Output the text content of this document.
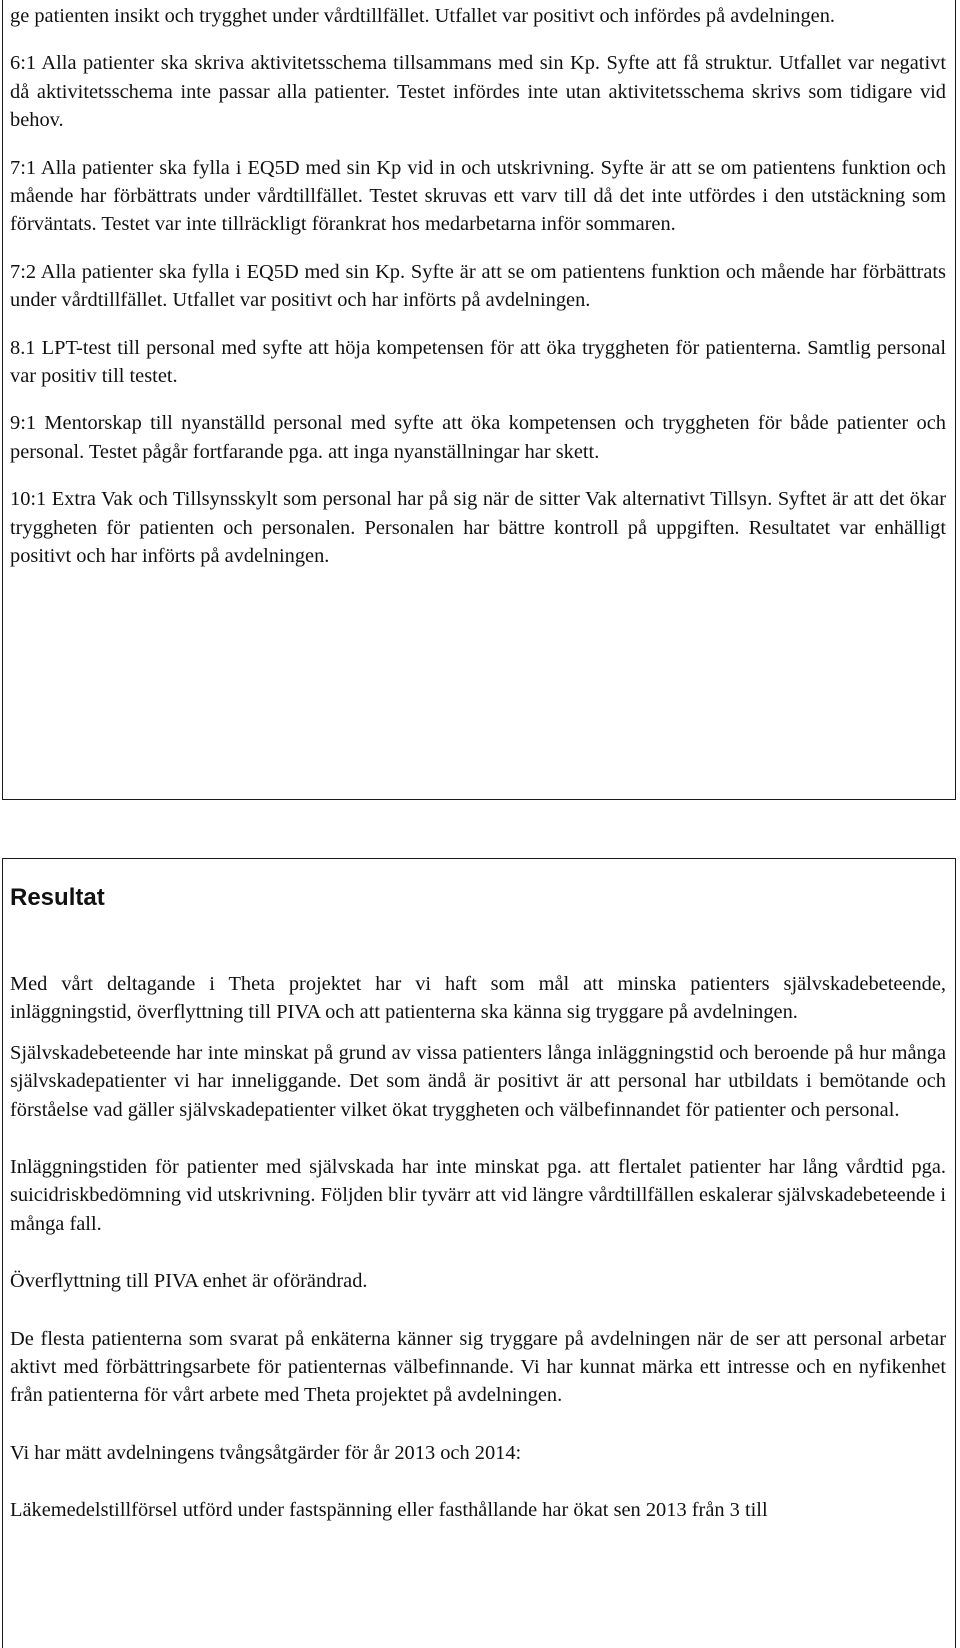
ge patienten insikt och trygghet under vårdtillfället. Utfallet var positivt och infördes på avdelningen.

6:1 Alla patienter ska skriva aktivitetsschema tillsammans med sin Kp. Syfte att få struktur. Utfallet var negativt då aktivitetsschema inte passar alla patienter. Testet infördes inte utan aktivitetsschema skrivs som tidigare vid behov.

7:1 Alla patienter ska fylla i EQ5D med sin Kp vid in och utskrivning. Syfte är att se om patientens funktion och mående har förbättrats under vårdtillfället. Testet skruvas ett varv till då det inte utfördes i den utstäckning som förväntats. Testet var inte tillräckligt förankrat hos medarbetarna inför sommaren.

7:2 Alla patienter ska fylla i EQ5D med sin Kp. Syfte är att se om patientens funktion och mående har förbättrats under vårdtillfället. Utfallet var positivt och har införts på avdelningen.

8.1 LPT-test till personal med syfte att höja kompetensen för att öka tryggheten för patienterna. Samtlig personal var positiv till testet.

9:1 Mentorskap till nyanställd personal med syfte att öka kompetensen och tryggheten för både patienter och personal. Testet pågår fortfarande pga. att inga nyanställningar har skett.

10:1 Extra Vak och Tillsynsskylt som personal har på sig när de sitter Vak alternativt Tillsyn. Syftet är att det ökar tryggheten för patienten och personalen. Personalen har bättre kontroll på uppgiften. Resultatet var enhälligt positivt och har införts på avdelningen.

Resultat

Med vårt deltagande i Theta projektet har vi haft som mål att minska patienters självskadebeteende, inläggningstid, överflyttning till PIVA och att patienterna ska känna sig tryggare på avdelningen.

Självskadebeteende har inte minskat på grund av vissa patienters långa inläggningstid och beroende på hur många självskadepatienter vi har inneliggande. Det som ändå är positivt är att personal har utbildats i bemötande och förståelse vad gäller självskadepatienter vilket ökat tryggheten och välbefinnandet för patienter och personal.

Inläggningstiden för patienter med självskada har inte minskat pga. att flertalet patienter har lång vårdtid pga. suicidriskbedömning vid utskrivning. Följden blir tyvärr att vid längre vårdtillfällen eskalerar självskadebeteende i många fall.

Överflyttning till PIVA enhet är oförändrad.

De flesta patienterna som svarat på enkäterna känner sig tryggare på avdelningen när de ser att personal arbetar aktivt med förbättringsarbete för patienternas välbefinnande. Vi har kunnat märka ett intresse och en nyfikenhet från patienterna för vårt arbete med Theta projektet på avdelningen.

Vi har mätt avdelningens tvångsåtgärder för år 2013 och 2014:

Läkemedelstillförsel utförd under fastspänning eller fasthållande har ökat sen 2013 från 3 till
